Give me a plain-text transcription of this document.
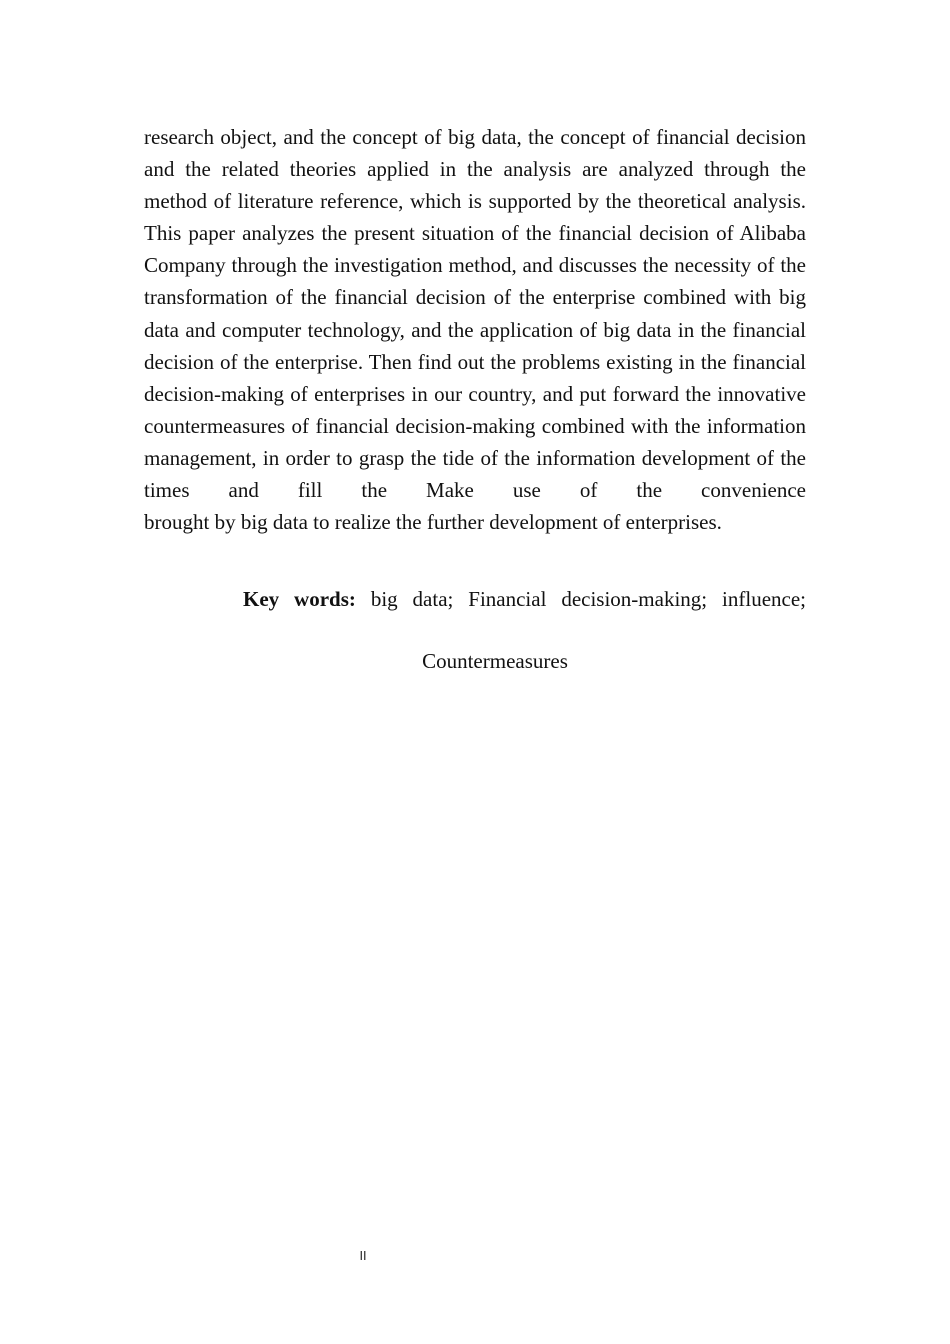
research object, and the concept of big data, the concept of financial decision and the related theories applied in the analysis are analyzed through the method of literature reference, which is supported by the theoretical analysis. This paper analyzes the present situation of the financial decision of Alibaba Company through the investigation method, and discusses the necessity of the transformation of the financial decision of the enterprise combined with big data and computer technology, and the application of big data in the financial decision of the enterprise. Then find out the problems existing in the financial decision-making of enterprises in our country, and put forward the innovative countermeasures of financial decision-making combined with the information management, in order to grasp the tide of the information development of the times and fill the Make use of the convenience
brought by big data to realize the further development of enterprises.

Key words: big data; Financial decision-making; influence;

Countermeasures

II
